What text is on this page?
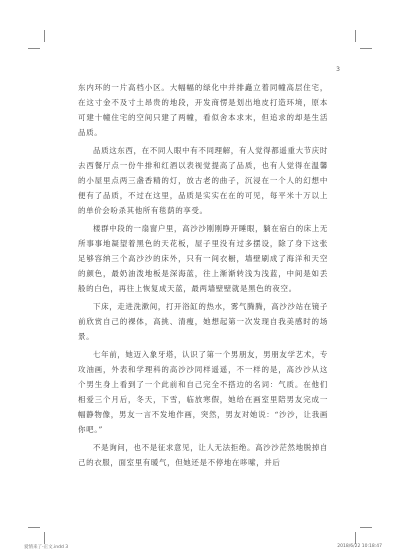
3

东内环的一片高档小区。大幅幅的绿化中并排矗立着同幢高层住宅，在这寸金不及寸土昂贵的地段，开发商愣是划出地皮打造环境，原本可建十幢住宅的空间只建了两幢，看似舍本求末，但追求的却是生活品质。

品质这东西，在不同人眼中有不同理解，有人觉得都遥重大节庆时去西餐厅点一份牛排和红酒以表视觉提高了品质，也有人觉得在温馨的小屋里点两三盏香精的灯，放古老的曲子，沉浸在一个人的幻想中便有了品质，不过在这里，品质是实实在在的可见，每平米十万以上的单价会吩杀其他所有毯荫的享受。

楼群中段的一扇窗户里，高沙沙刚刚睁开睡眼，躺在宿白的床上无所事事地凝望着黑色的天花板，屋子里没有过多摆设，除了身下这张足够容纳三个高沙沙的床外，只有一间衣橱，墙壁刷成了海洋和天空的颜色，最奶油泼地板是深海蓝，往上渐渐转浅为浅蓝，中间是如丢般的白色，再往上恢复成天蓝，最两墙壁壁就是黑色的夜空。

下床，走进洗漱间，打开浴缸的热水，雾气腾腾，高沙沙站在镜子前欣赏自己的裸体，高挑、清瘦，她想起第一次发现自我美感时的场景。

七年前，她迈入象牙塔，认识了第一个男朋友，男朋友学艺术，专攻油画，外表和学理科的高沙沙同样遥遥，不一样的是，高沙沙从这个男生身上看到了一个此前和自己完全不搭边的名词：气质。在他们相爱三个月后，冬天，下雪，临放寒假，她给在画室里陪男友完成一幅静物像，男友一言不发地作画，突然，男友对她说：“沙沙，让我画你吧。”

不是询问，也不是征求意见，让人无法拒绝。高沙沙茫然地脱掉自己的衣服，面室里有暖气，但她还是不停地在哆嗦，并后

爱情来了-正文.indd 3	2018/6/22 10:18:47
